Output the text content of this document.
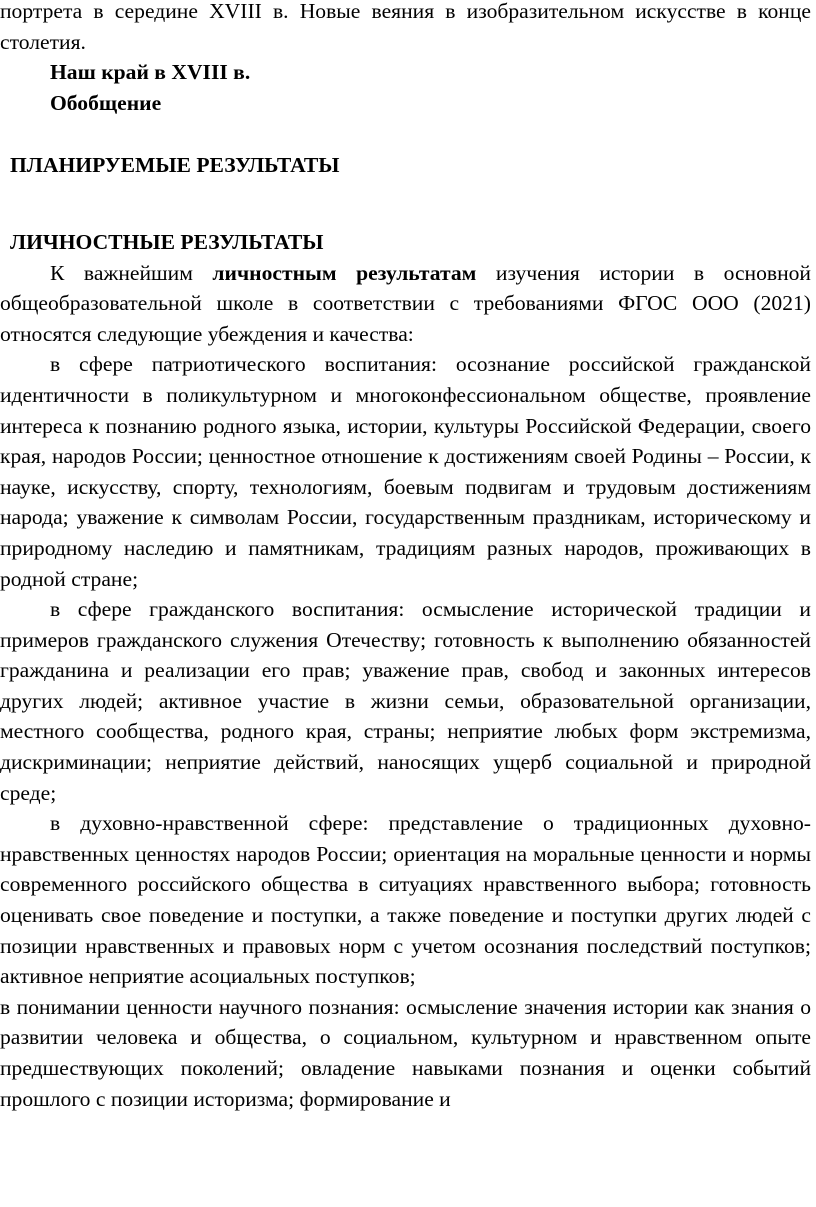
портрета в середине XVIII в. Новые веяния в изобразительном искусстве в конце столетия.

Наш край в XVIII в.

Обобщение

ПЛАНИРУЕМЫЕ РЕЗУЛЬТАТЫ

ЛИЧНОСТНЫЕ РЕЗУЛЬТАТЫ

К важнейшим личностным результатам изучения истории в основной общеобразовательной школе в соответствии с требованиями ФГОС ООО (2021) относятся следующие убеждения и качества:

в сфере патриотического воспитания: осознание российской гражданской идентичности в поликультурном и многоконфессиональном обществе, проявление интереса к познанию родного языка, истории, культуры Российской Федерации, своего края, народов России; ценностное отношение к достижениям своей Родины – России, к науке, искусству, спорту, технологиям, боевым подвигам и трудовым достижениям народа; уважение к символам России, государственным праздникам, историческому и природному наследию и памятникам, традициям разных народов, проживающих в родной стране;

в сфере гражданского воспитания: осмысление исторической традиции и примеров гражданского служения Отечеству; готовность к выполнению обязанностей гражданина и реализации его прав; уважение прав, свобод и законных интересов других людей; активное участие в жизни семьи, образовательной организации, местного сообщества, родного края, страны; неприятие любых форм экстремизма, дискриминации; неприятие действий, наносящих ущерб социальной и природной среде;

в духовно-нравственной сфере: представление о традиционных духовно-нравственных ценностях народов России; ориентация на моральные ценности и нормы современного российского общества в ситуациях нравственного выбора; готовность оценивать свое поведение и поступки, а также поведение и поступки других людей с позиции нравственных и правовых норм с учетом осознания последствий поступков; активное неприятие асоциальных поступков;

в понимании ценности научного познания: осмысление значения истории как знания о развитии человека и общества, о социальном, культурном и нравственном опыте предшествующих поколений; овладение навыками познания и оценки событий прошлого с позиции историзма; формирование и
